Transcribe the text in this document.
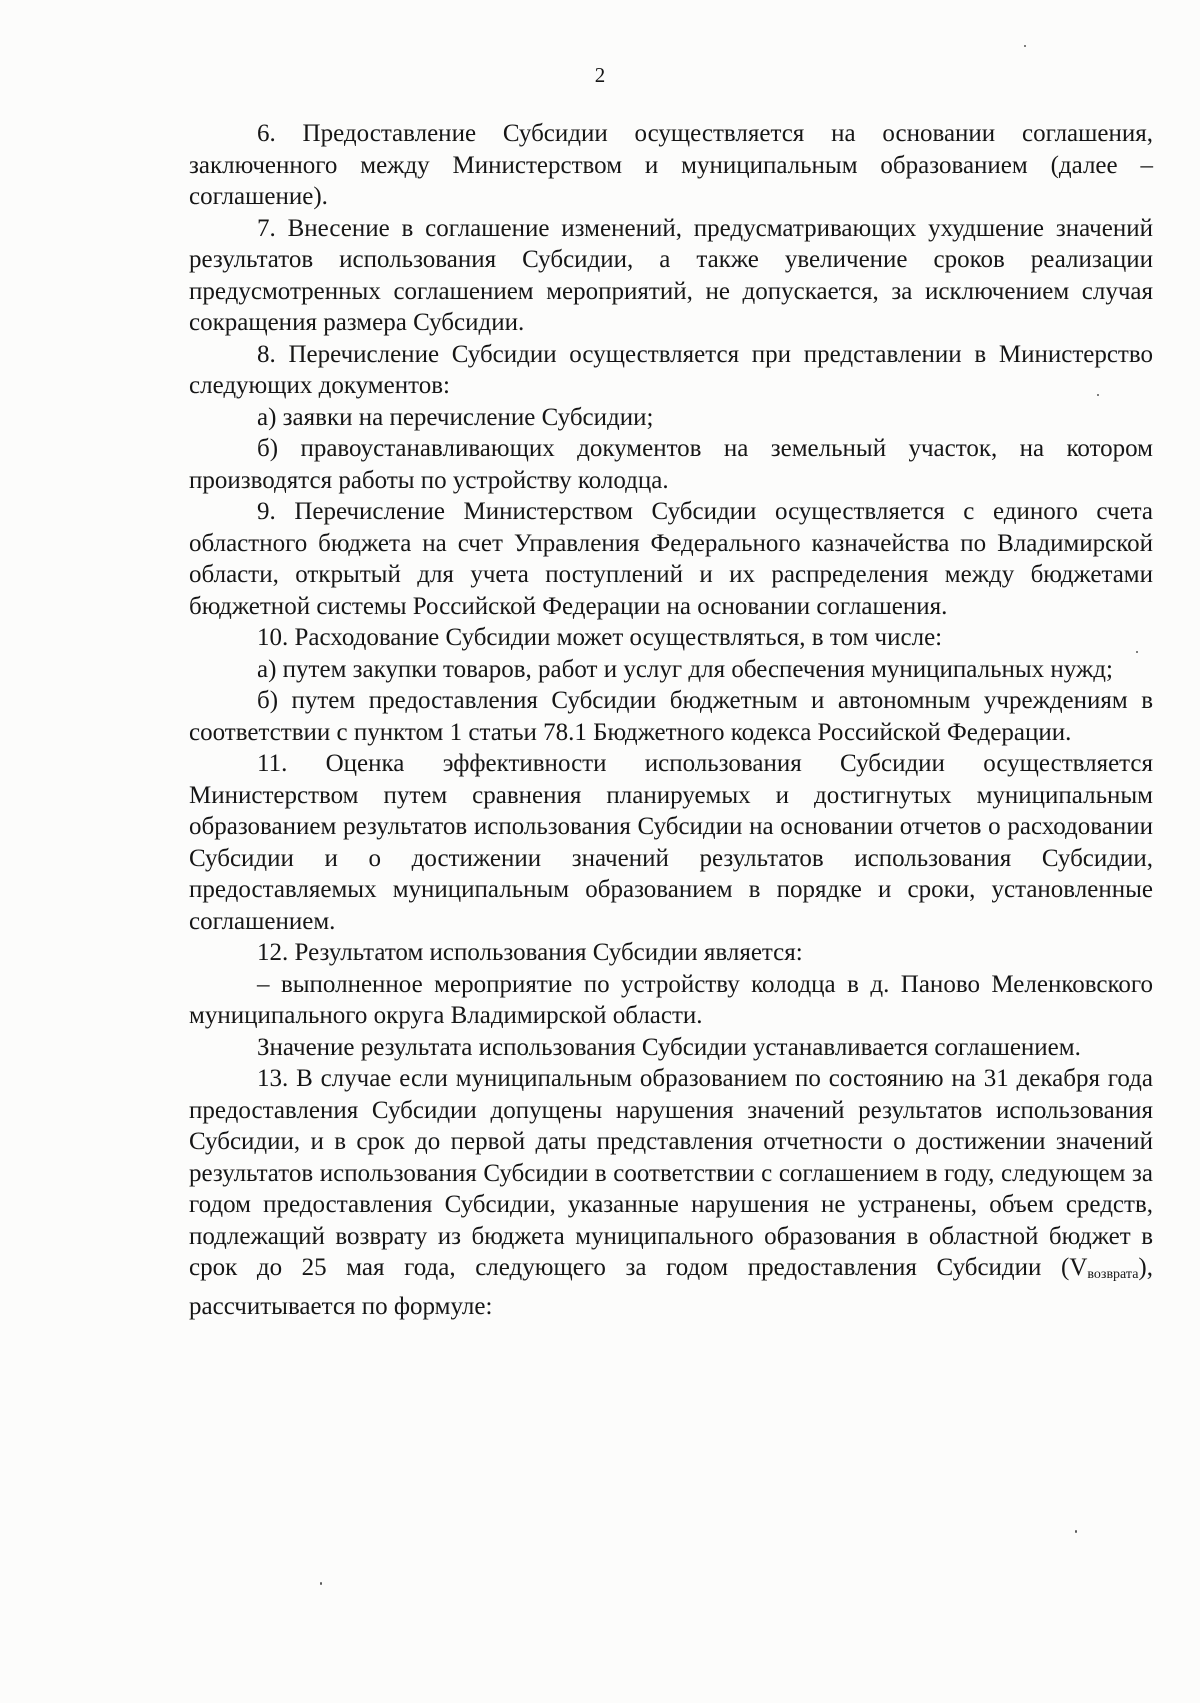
2

6. Предоставление Субсидии осуществляется на основании соглашения, заключенного между Министерством и муниципальным образованием (далее – соглашение).

7. Внесение в соглашение изменений, предусматривающих ухудшение значений результатов использования Субсидии, а также увеличение сроков реализации предусмотренных соглашением мероприятий, не допускается, за исключением случая сокращения размера Субсидии.

8. Перечисление Субсидии осуществляется при представлении в Министерство следующих документов:

а) заявки на перечисление Субсидии;

б) правоустанавливающих документов на земельный участок, на котором производятся работы по устройству колодца.

9. Перечисление Министерством Субсидии осуществляется с единого счета областного бюджета на счет Управления Федерального казначейства по Владимирской области, открытый для учета поступлений и их распределения между бюджетами бюджетной системы Российской Федерации на основании соглашения.

10. Расходование Субсидии может осуществляться, в том числе:

а) путем закупки товаров, работ и услуг для обеспечения муниципальных нужд;

б) путем предоставления Субсидии бюджетным и автономным учреждениям в соответствии с пунктом 1 статьи 78.1 Бюджетного кодекса Российской Федерации.

11. Оценка эффективности использования Субсидии осуществляется Министерством путем сравнения планируемых и достигнутых муниципальным образованием результатов использования Субсидии на основании отчетов о расходовании Субсидии и о достижении значений результатов использования Субсидии, предоставляемых муниципальным образованием в порядке и сроки, установленные соглашением.

12. Результатом использования Субсидии является:

– выполненное мероприятие по устройству колодца в д. Паново Меленковского муниципального округа Владимирской области.

Значение результата использования Субсидии устанавливается соглашением.

13. В случае если муниципальным образованием по состоянию на 31 декабря года предоставления Субсидии допущены нарушения значений результатов использования Субсидии, и в срок до первой даты представления отчетности о достижении значений результатов использования Субсидии в соответствии с соглашением в году, следующем за годом предоставления Субсидии, указанные нарушения не устранены, объем средств, подлежащий возврату из бюджета муниципального образования в областной бюджет в срок до 25 мая года, следующего за годом предоставления Субсидии $(V_{возврата})$, рассчитывается по формуле:
